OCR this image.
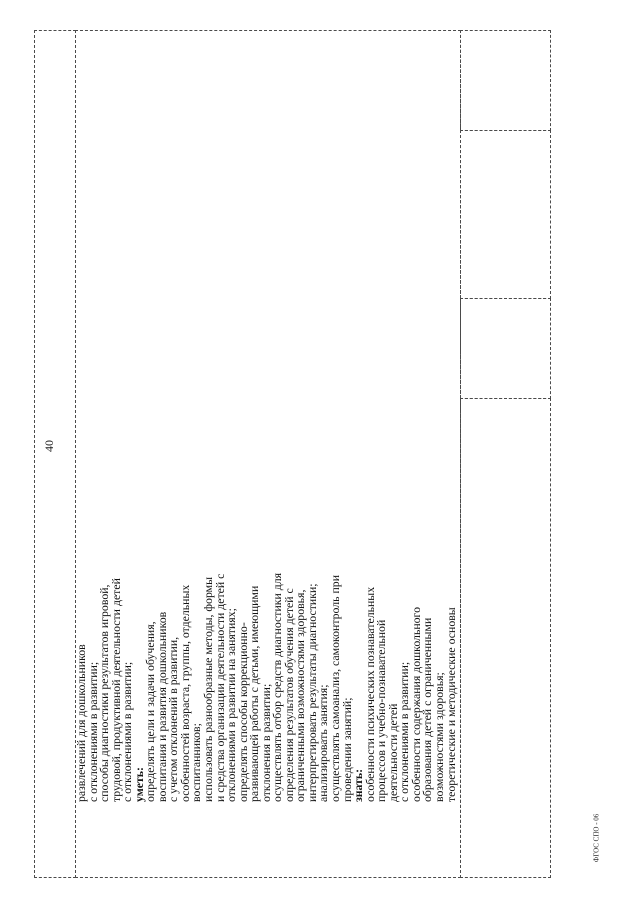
развлечений для дошкольников
с отклонениями в развитии;
способы диагностики результатов игровой,
трудовой, продуктивной деятельности детей
с отклонениями в развитии;
уметь:
определять цели и задачи обучения,
воспитания и развития дошкольников
с учетом отклонений в развитии,
особенностей возраста, группы, отдельных
воспитанников;
использовать разнообразные методы, формы
и средства организации деятельности детей с
отклонениями в развитии на занятиях;
определять способы коррекционно-
развивающей работы с детьми, имеющими
отклонения в развитии;
осуществлять отбор средств диагностики для
определения результатов обучения детей с
ограниченными возможностями здоровья,
интерпретировать результаты диагностики;
анализировать занятия;
осуществлять самоанализ, самоконтроль при
проведении занятий;
знать:
особенности психических познавательных
процессов и учебно-познавательной
деятельности детей
с отклонениями в развитии;
особенности содержания дошкольного
образования детей с ограниченными
возможностями здоровья;
теоретические и методические основы
40
ФГОС СПО - 06
